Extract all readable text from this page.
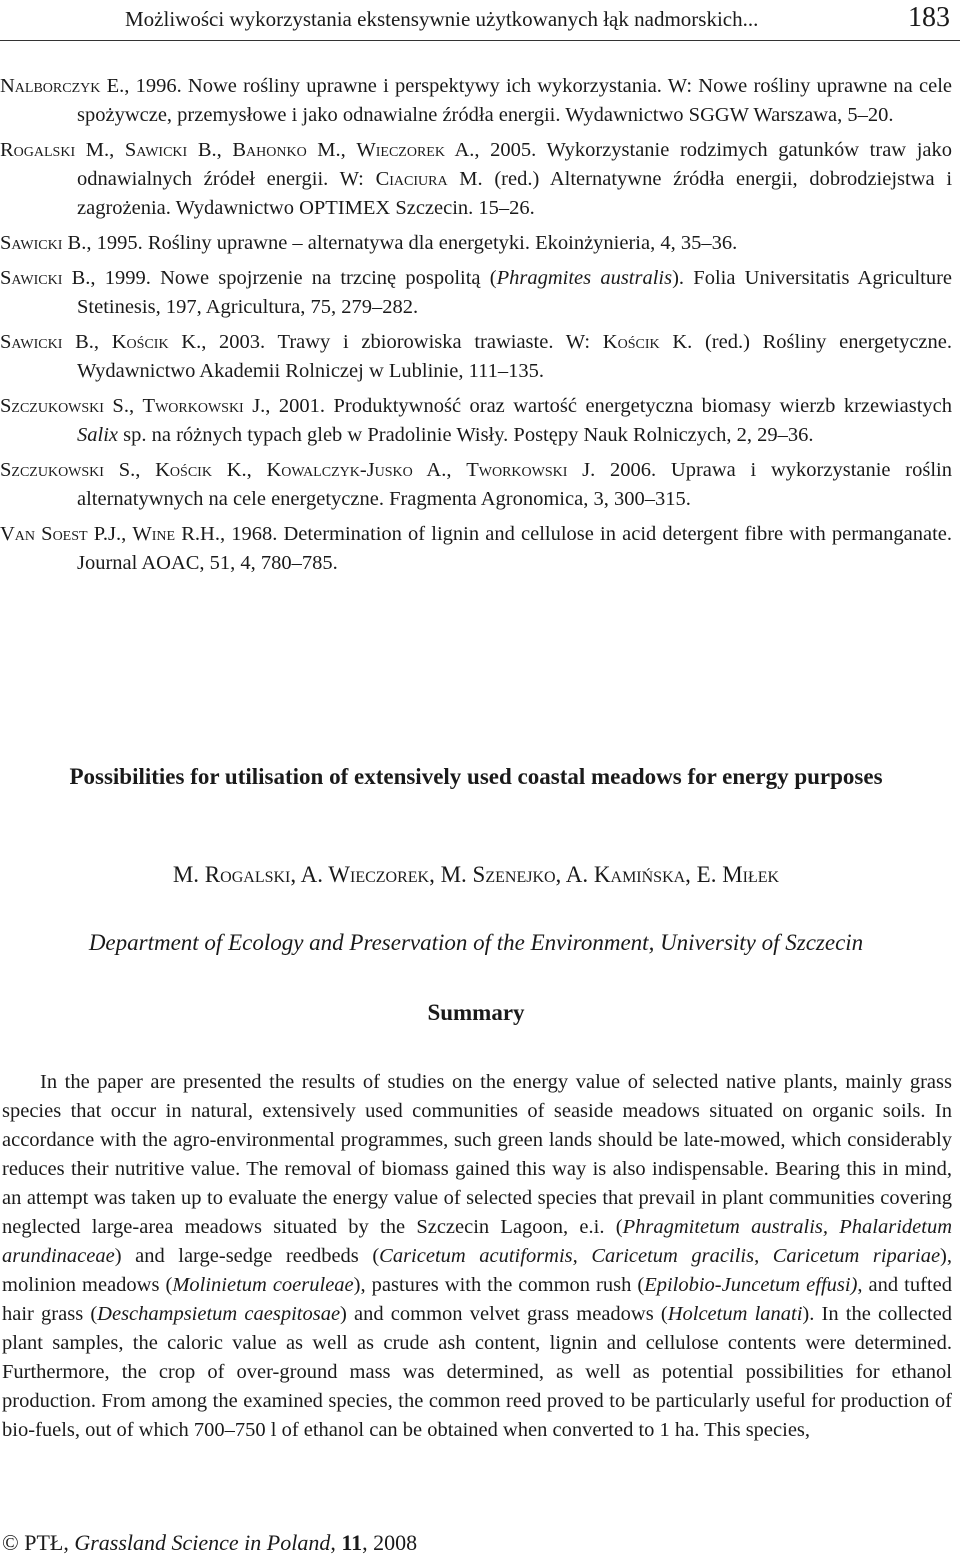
Możliwości wykorzystania ekstensywnie użytkowanych łąk nadmorskich...	183

Nalborczyk E., 1996. Nowe rośliny uprawne i perspektywy ich wykorzystania. W: Nowe rośliny uprawne na cele spożywcze, przemysłowe i jako odnawialne źródła energii. Wydawnictwo SGGW Warszawa, 5–20.

Rogalski M., Sawicki B., Bahonko M., Wieczorek A., 2005. Wykorzystanie rodzimych gatunków traw jako odnawialnych źródeł energii. W: Ciaciura M. (red.) Alternatywne źródła energii, dobrodziejstwa i zagrożenia. Wydawnictwo OPTIMEX Szczecin. 15–26.

Sawicki B., 1995. Rośliny uprawne – alternatywa dla energetyki. Ekoinżynieria, 4, 35–36.

Sawicki B., 1999. Nowe spojrzenie na trzcinę pospolitą (Phragmites australis). Folia Universitatis Agriculture Stetinesis, 197, Agricultura, 75, 279–282.

Sawicki B., Kościk K., 2003. Trawy i zbiorowiska trawiaste. W: Kościk K. (red.) Rośliny energetyczne. Wydawnictwo Akademii Rolniczej w Lublinie, 111–135.

Szczukowski S., Tworkowski J., 2001. Produktywność oraz wartość energetyczna biomasy wierzb krzewiastych Salix sp. na różnych typach gleb w Pradolinie Wisły. Postępy Nauk Rolniczych, 2, 29–36.

Szczukowski S., Kościk K., Kowalczyk-Jusko A., Tworkowski J. 2006. Uprawa i wykorzystanie roślin alternatywnych na cele energetyczne. Fragmenta Agronomica, 3, 300–315.

Van Soest P.J., Wine R.H., 1968. Determination of lignin and cellulose in acid detergent fibre with permanganate. Journal AOAC, 51, 4, 780–785.

Possibilities for utilisation of extensively used coastal meadows for energy purposes
M. Rogalski, A. Wieczorek, M. Szenejko, A. Kamińska, E. Miłek
Department of Ecology and Preservation of the Environment, University of Szczecin
Summary

In the paper are presented the results of studies on the energy value of selected native plants, mainly grass species that occur in natural, extensively used communities of seaside meadows situated on organic soils. In accordance with the agro-environmental programmes, such green lands should be late-mowed, which considerably reduces their nutritive value. The removal of biomass gained this way is also indispensable. Bearing this in mind, an attempt was taken up to evaluate the energy value of selected species that prevail in plant communities covering neglected large-area meadows situated by the Szczecin Lagoon, e.i. (Phragmitetum australis, Phalaridetum arundinaceae) and large-sedge reedbeds (Caricetum acutiformis, Caricetum gracilis, Caricetum ripariae), molinion meadows (Molinietum coeruleae), pastures with the common rush (Epilobio-Juncetum effusi), and tufted hair grass (Deschampsietum caespitosae) and common velvet grass meadows (Holcetum lanati). In the collected plant samples, the caloric value as well as crude ash content, lignin and cellulose contents were determined. Furthermore, the crop of over-ground mass was determined, as well as potential possibilities for ethanol production. From among the examined species, the common reed proved to be particularly useful for production of bio-fuels, out of which 700–750 l of ethanol can be obtained when converted to 1 ha. This species,

© PTŁ, Grassland Science in Poland, 11, 2008
